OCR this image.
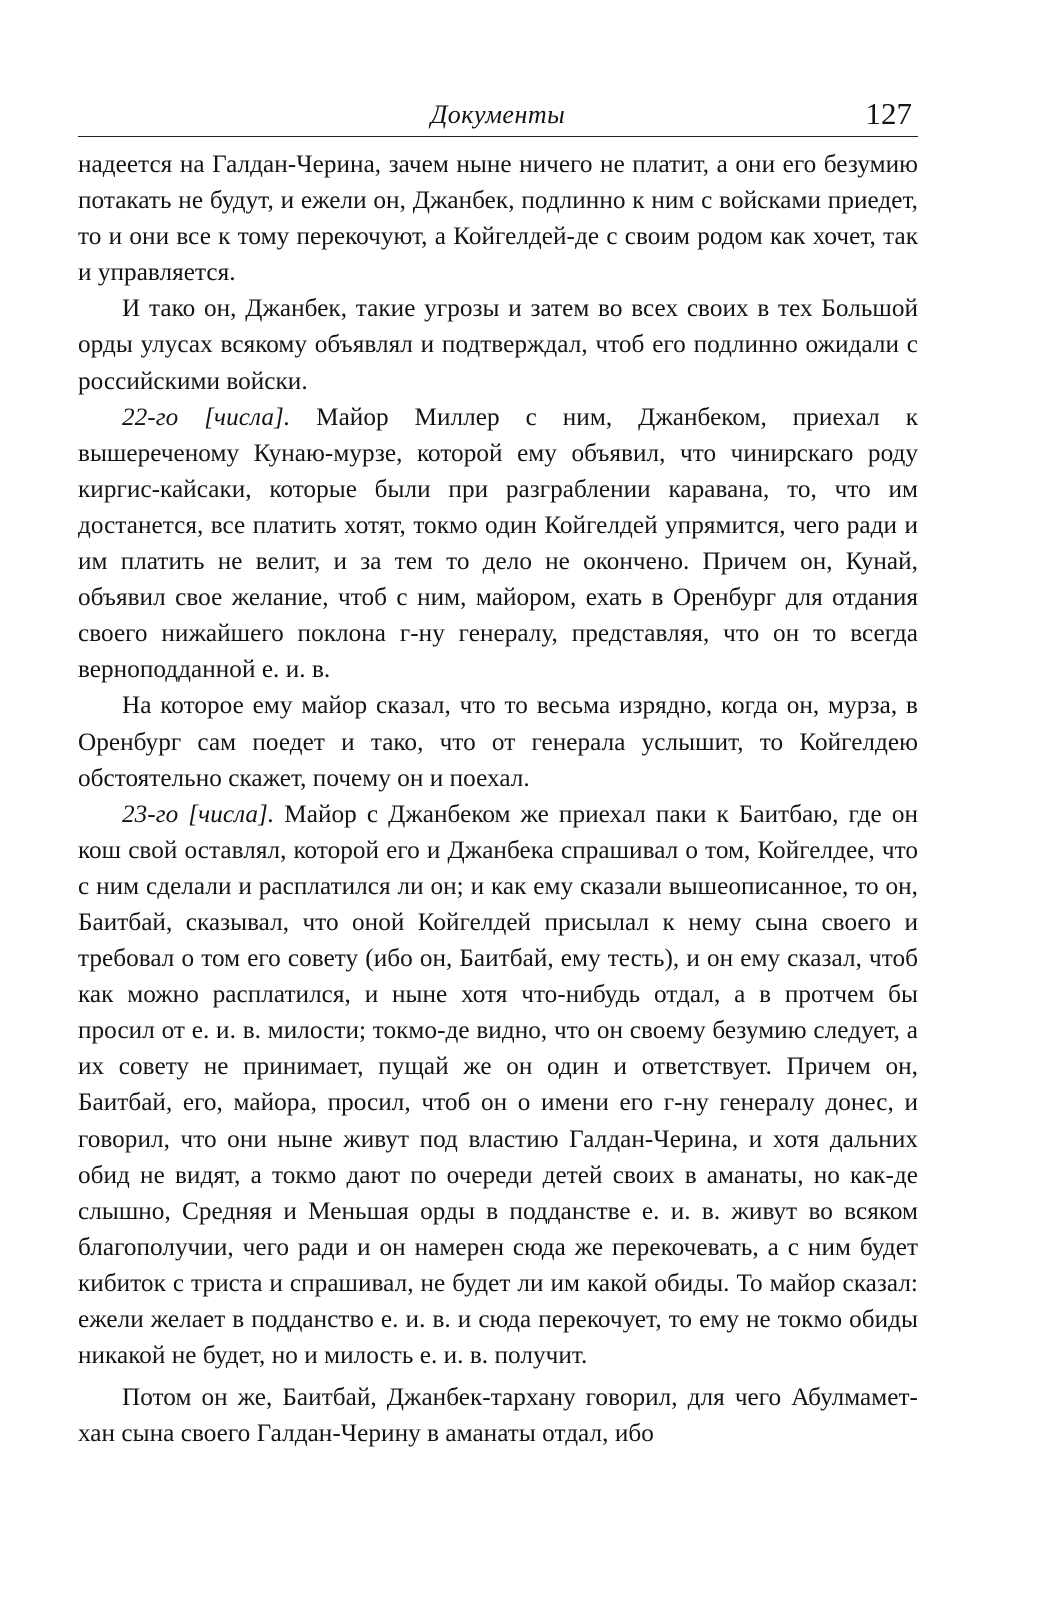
Документы	127

надеется на Галдан-Черина, зачем ныне ничего не платит, а они его безумию потакать не будут, и ежели он, Джанбек, подлинно к ним с войсками приедет, то и они все к тому перекочуют, а Койгелдей-де с своим родом как хочет, так и управляется.

И тако он, Джанбек, такие угрозы и затем во всех своих в тех Большой орды улусах всякому объявлял и подтверждал, чтоб его подлинно ожидали с российскими войски.

22-го [числа]. Майор Миллер с ним, Джанбеком, приехал к вышереченому Кунаю-мурзе, которой ему объявил, что чинирскаго роду киргис-кайсаки, которые были при разграблении каравана, то, что им достанется, все платить хотят, токмо один Койгелдей упрямится, чего ради и им платить не велит, и за тем то дело не окончено. Причем он, Кунай, объявил свое желание, чтоб с ним, майором, ехать в Оренбург для отдания своего нижайшего поклона г-ну генералу, представляя, что он то всегда верноподданной е. и. в.

На которое ему майор сказал, что то весьма изрядно, когда он, мурза, в Оренбург сам поедет и тако, что от генерала услышит, то Койгелдею обстоятельно скажет, почему он и поехал.

23-го [числа]. Майор с Джанбеком же приехал паки к Баитбаю, где он кош свой оставлял, которой его и Джанбека спрашивал о том, Койгелдее, что с ним сделали и расплатился ли он; и как ему сказали вышеописанное, то он, Баитбай, сказывал, что оной Койгелдей присылал к нему сына своего и требовал о том его совету (ибо он, Баитбай, ему тесть), и он ему сказал, чтоб как можно расплатился, и ныне хотя что-нибудь отдал, а в протчем бы просил от е. и. в. милости; токмо-де видно, что он своему безумию следует, а их совету не принимает, пущай же он один и ответствует. Причем он, Баитбай, его, майора, просил, чтоб он о имени его г-ну генералу донес, и говорил, что они ныне живут под властию Галдан-Черина, и хотя дальних обид не видят, а токмо дают по очереди детей своих в аманаты, но как-де слышно, Средняя и Меньшая орды в подданстве е. и. в. живут во всяком благополучии, чего ради и он намерен сюда же перекочевать, а с ним будет кибиток с триста и спрашивал, не будет ли им какой обиды. То майор сказал: ежели желает в подданство е. и. в. и сюда перекочует, то ему не токмо обиды никакой не будет, но и милость е. и. в. получит.

Потом он же, Баитбай, Джанбек-тархану говорил, для чего Абулмамет-хан сына своего Галдан-Черину в аманаты отдал, ибо
